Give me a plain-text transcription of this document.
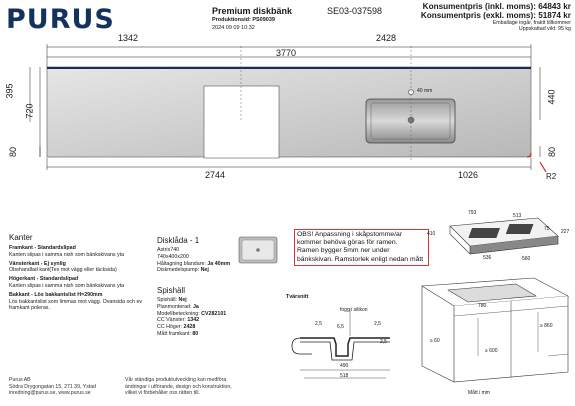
PURUS	Premium diskbänk
Produktionsid: PS09039
2024 09 09 10:32
SE03-037598	Konsumentpris (inkl. moms): 64843 kr
Konsumentpris (exkl. moms): 51874 kr
Emballage ingår, fraktt tillkommer
Uppskattad vikt: 95 kg
1342	2428
3770
395
720
80
440
80
2744	1026
40 mm
R2
Kanter
Framkant - Standardslipad
Kanten slipas i samma nish som bänkskivans yta
Vänsterkant - Ej synlig
Obehandlad kant(Tex mot vägg eller täcksida)
Högerkant - Standardslipad
Kanten slipas i samma nish som bänkskivans yta
Bakkant - Lös bakkantslist H=290mm
Lös bakkantslist som limmas mot vägg. Ovansida och ev framkant poleras.
Disklåda - 1
Astris740
740x400x200
Håltagning blandare: Ja 40mm
Diskmedelspump: Nej
Spishäll
Spishäll: Nej
Planmonterad: Ja
Modellbeteckning: CV282101
CC Vänster: 1342
CC Höger: 2428
Mått framkant: 80
OBS! Anpassning i skåpstomme/ar
kommer behöva göras för ramen.
Ramen bygger 5mm ner under
bänkskivan. Ramstorlek enligt nedan mått
Tvärsnitt
fogg i silikon
2,5	6,5	2,5
2,5
490
518
793	513
410
75 227
536	560
780
≥ 860
≥ 600
≥ 60
Mått i mm
Purus AB
Södra Drygongatan 15, 271 39, Ystad
inredning@purus.se, www.purus.se
Vår ständiga produktutveckling kan medföra
ändringar i utförande, design och konstruktion,
vilket vi förbehåller oss rätten till.
